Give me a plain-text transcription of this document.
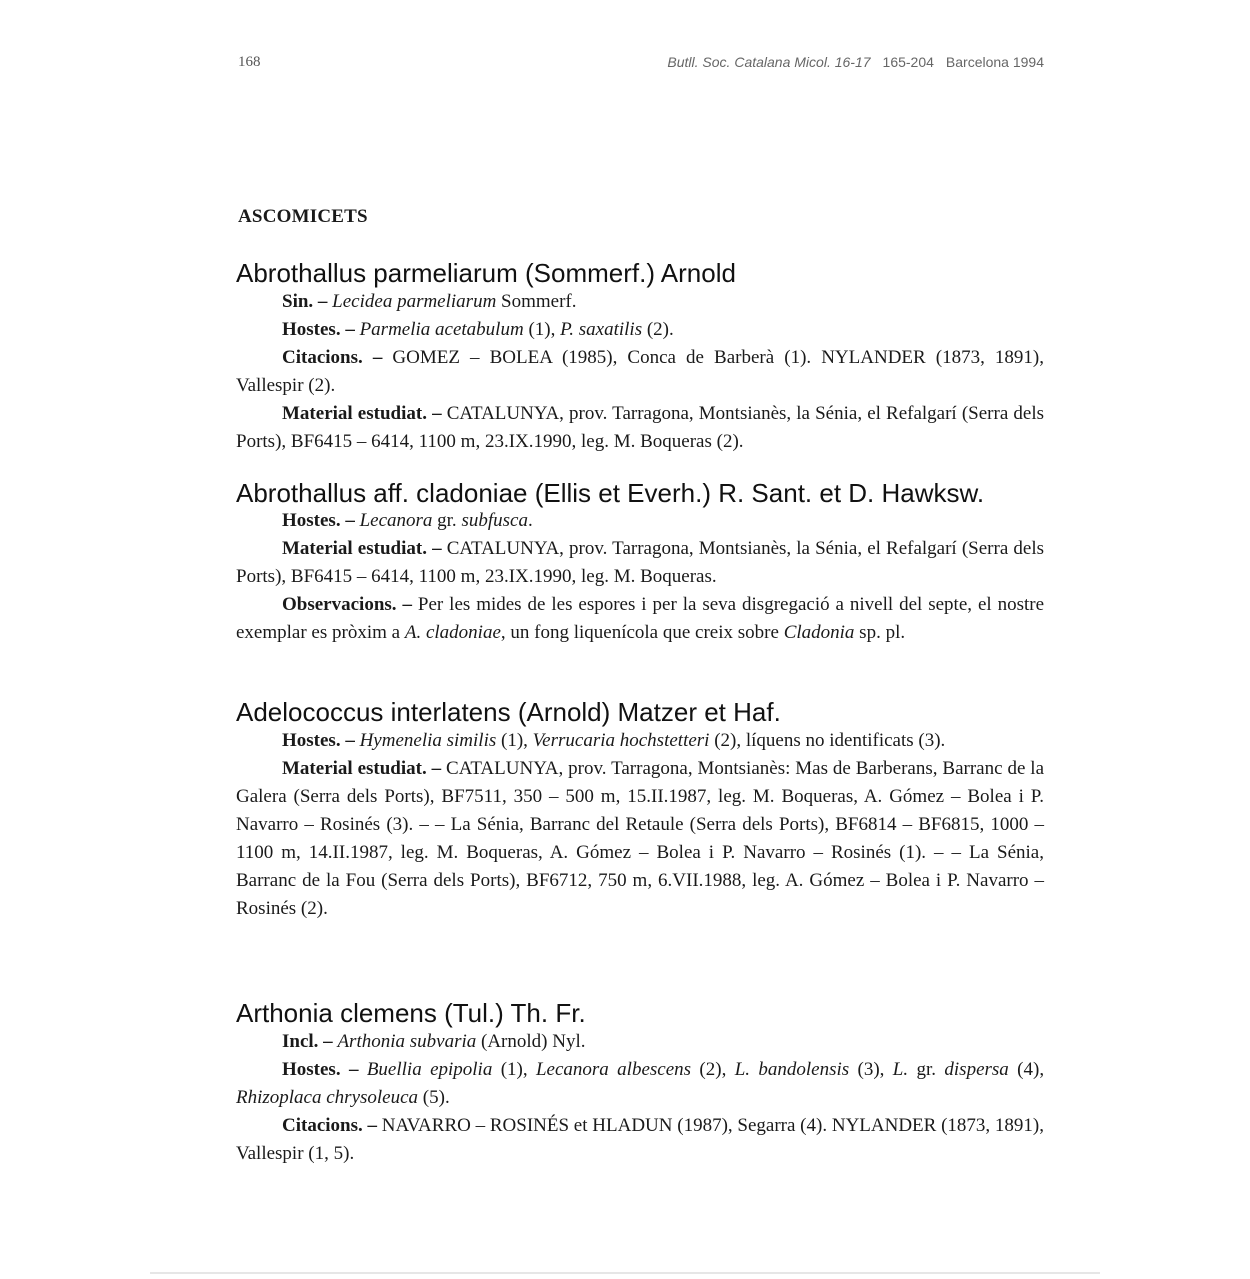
168	Butll. Soc. Catalana Micol. 16-17 165-204 Barcelona 1994
ASCOMICETS
Abrothallus parmeliarum (Sommerf.) Arnold

Sin. – Lecidea parmeliarum Sommerf.

Hostes. – Parmelia acetabulum (1), P. saxatilis (2).

Citacions. – GOMEZ – BOLEA (1985), Conca de Barberà (1). NYLANDER (1873, 1891), Vallespir (2).

Material estudiat. – CATALUNYA, prov. Tarragona, Montsianès, la Sénia, el Refalgarí (Serra dels Ports), BF6415 – 6414, 1100 m, 23.IX.1990, leg. M. Boqueras (2).

Abrothallus aff. cladoniae (Ellis et Everh.) R. Sant. et D. Hawksw.

Hostes. – Lecanora gr. subfusca.

Material estudiat. – CATALUNYA, prov. Tarragona, Montsianès, la Sénia, el Refalgarí (Serra dels Ports), BF6415 – 6414, 1100 m, 23.IX.1990, leg. M. Boqueras.

Observacions. – Per les mides de les espores i per la seva disgregació a nivell del septe, el nostre exemplar es pròxim a A. cladoniae, un fong liquenícola que creix sobre Cladonia sp. pl.

Adelococcus interlatens (Arnold) Matzer et Haf.

Hostes. – Hymenelia similis (1), Verrucaria hochstetteri (2), líquens no identificats (3).

Material estudiat. – CATALUNYA, prov. Tarragona, Montsianès: Mas de Barberans, Barranc de la Galera (Serra dels Ports), BF7511, 350 – 500 m, 15.II.1987, leg. M. Boqueras, A. Gómez – Bolea i P. Navarro – Rosinés (3). – – La Sénia, Barranc del Retaule (Serra dels Ports), BF6814 – BF6815, 1000 – 1100 m, 14.II.1987, leg. M. Boqueras, A. Gómez – Bolea i P. Navarro – Rosinés (1). – – La Sénia, Barranc de la Fou (Serra dels Ports), BF6712, 750 m, 6.VII.1988, leg. A. Gómez – Bolea i P. Navarro – Rosinés (2).

Arthonia clemens (Tul.) Th. Fr.

Incl. – Arthonia subvaria (Arnold) Nyl.

Hostes. – Buellia epipolia (1), Lecanora albescens (2), L. bandolensis (3), L. gr. dispersa (4), Rhizoplaca chrysoleuca (5).

Citacions. – NAVARRO – ROSINÉS et HLADUN (1987), Segarra (4). NYLANDER (1873, 1891), Vallespir (1, 5).
